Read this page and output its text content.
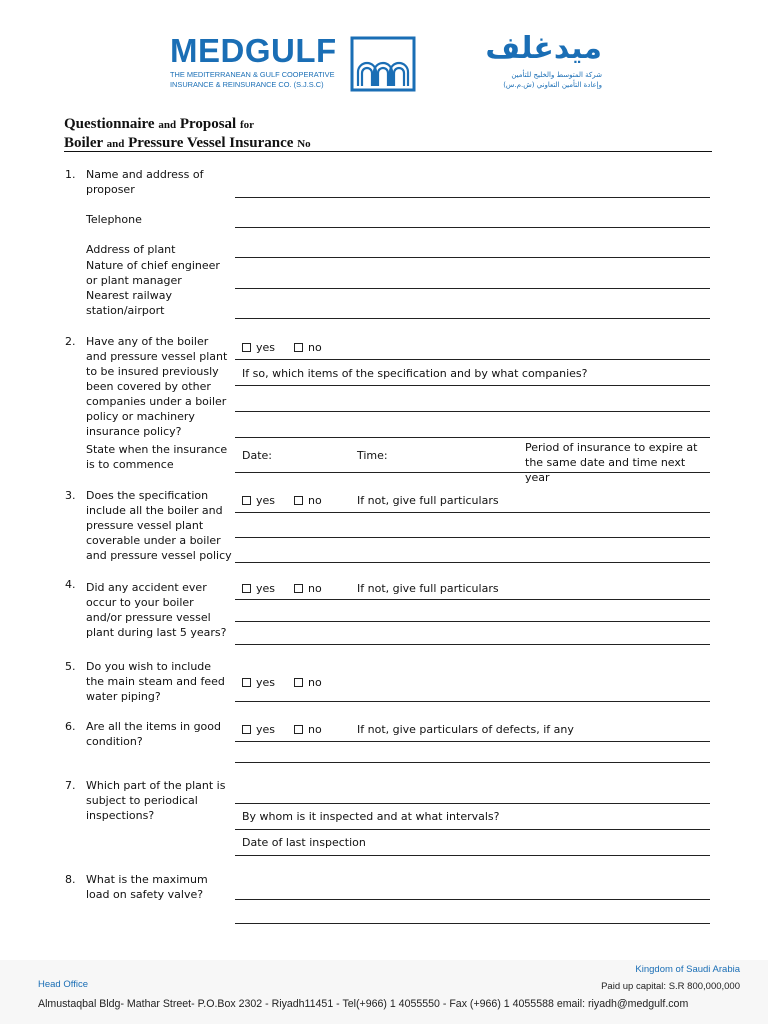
MEDGULF
THE MEDITERRANEAN & GULF COOPERATIVE
INSURANCE & REINSURANCE CO. (S.J.S.C)
ميدغلف
شركة المتوسط والخليج للتأمين
وإعادة التأمين التعاوني (ش.م.س)
Questionnaire and Proposal for
Boiler and Pressure Vessel Insurance No
1. Name and address of proposer
Telephone
Address of plant
Nature of chief engineer or plant manager
Nearest railway station/airport
2. Have any of the boiler and pressure vessel plant to be insured previously been covered by other companies under a boiler policy or machinery insurance policy?
yes	no
If so, which items of the specification and by what companies?
State when the insurance is to commence
Date:	Time:
Period of insurance to expire at the same date and time next year
3. Does the specification include all the boiler and pressure vessel plant coverable under a boiler and pressure vessel policy
yes	no	If not, give full particulars
4. Did any accident ever occur to your boiler and/or pressure vessel plant during last 5 years?
yes	no	If not, give full particulars
5. Do you wish to include the main steam and feed water piping?
yes	no
6. Are all the items in good condition?
yes	no	If not, give particulars of defects, if any
7. Which part of the plant is subject to periodical inspections?	By whom is it inspected and at what intervals?
Date of last inspection
8. What is the maximum load on safety valve?
Head Office
Kingdom of Saudi Arabia
Paid up capital: S.R 800,000,000
Almustaqbal Bldg- Mathar Street- P.O.Box 2302 - Riyadh11451 - Tel(+966) 1 4055550 - Fax (+966) 1 4055588 email: riyadh@medgulf.com
